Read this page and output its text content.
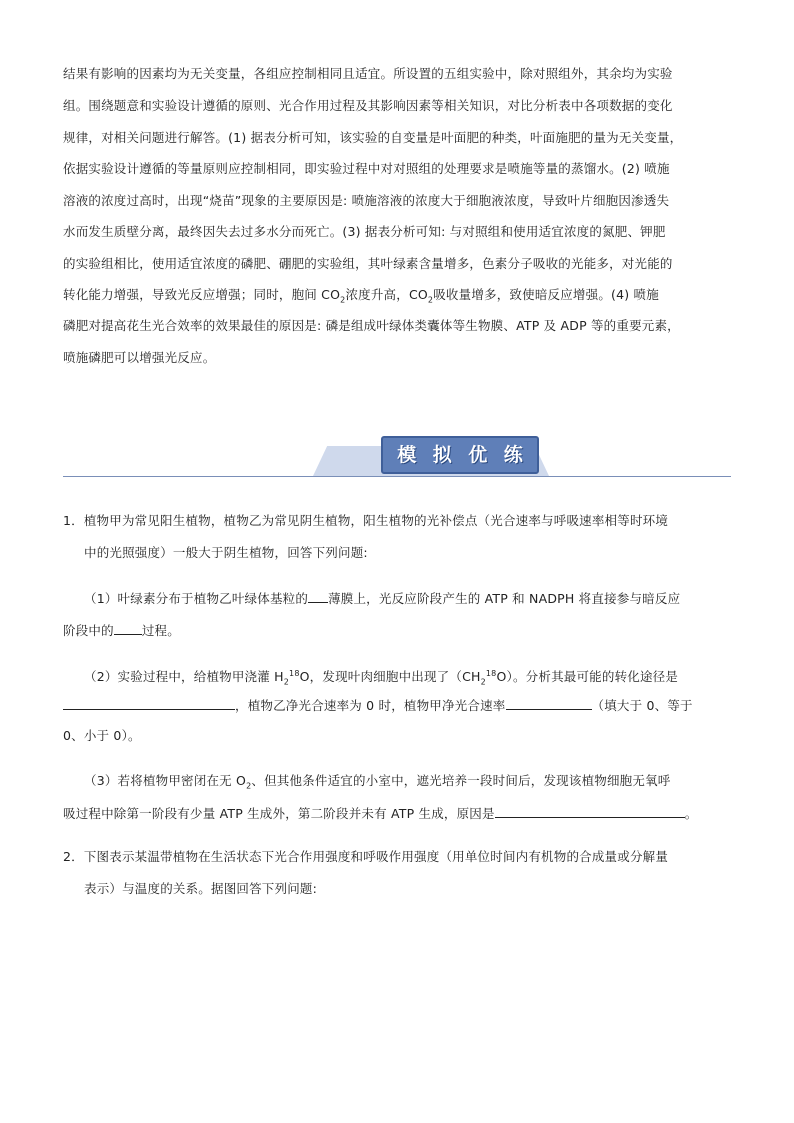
结果有影响的因素均为无关变量，各组应控制相同且适宜。所设置的五组实验中，除对照组外，其余均为实验
组。围绕题意和实验设计遵循的原则、光合作用过程及其影响因素等相关知识，对比分析表中各项数据的变化
规律，对相关问题进行解答。(1) 据表分析可知，该实验的自变量是叶面肥的种类，叶面施肥的量为无关变量，
依据实验设计遵循的等量原则应控制相同，即实验过程中对对照组的处理要求是喷施等量的蒸馏水。(2) 喷施
溶液的浓度过高时，出现“烧苗”现象的主要原因是: 喷施溶液的浓度大于细胞液浓度，导致叶片细胞因渗透失
水而发生质壁分离，最终因失去过多水分而死亡。(3) 据表分析可知: 与对照组和使用适宜浓度的氮肥、钾肥
的实验组相比，使用适宜浓度的磷肥、硼肥的实验组，其叶绿素含量增多，色素分子吸收的光能多，对光能的
转化能力增强，导致光反应增强；同时，胞间 $CO_2$浓度升高，$CO_2$吸收量增多，致使暗反应增强。(4) 喷施
磷肥对提高花生光合效率的效果最佳的原因是: 磷是组成叶绿体类囊体等生物膜、ATP 及 ADP 等的重要元素，
喷施磷肥可以增强光反应。
模 拟 优 练
1．植物甲为常见阳生植物，植物乙为常见阴生植物，阳生植物的光补偿点（光合速率与呼吸速率相等时环境
中的光照强度）一般大于阴生植物，回答下列问题:
（1）叶绿素分布于植物乙叶绿体基粒的 薄膜上，光反应阶段产生的 ATP 和 NADPH 将直接参与暗反应
阶段中的 过程。
（2）实验过程中，给植物甲浇灌 $H_2^{18}O$，发现叶肉细胞中出现了$(CH_2^{18}O)$。分析其最可能的转化途径是
，植物乙净光合速率为 0 时，植物甲净光合速率	（填大于 0、等于
0、小于 0）。
（3）若将植物甲密闭在无 $O_2$、但其他条件适宜的小室中，遮光培养一段时间后，发现该植物细胞无氧呼
吸过程中除第一阶段有少量 ATP 生成外，第二阶段并未有 ATP 生成，原因是	。
2．下图表示某温带植物在生活状态下光合作用强度和呼吸作用强度（用单位时间内有机物的合成量或分解量
表示）与温度的关系。据图回答下列问题:
